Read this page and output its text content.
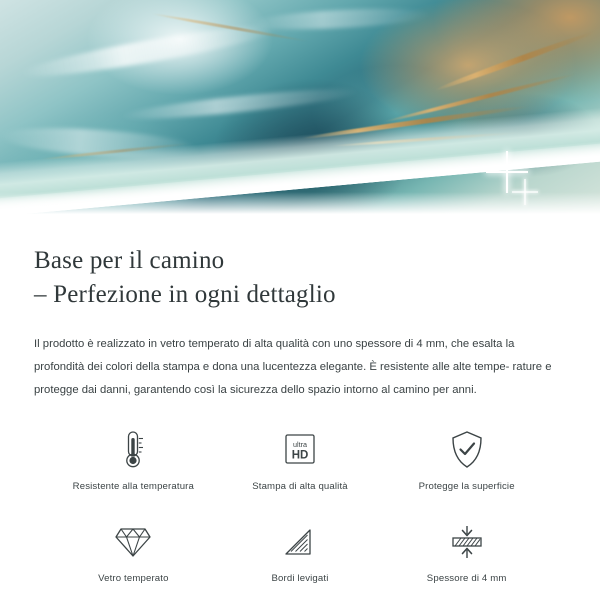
Base per il camino
– Perfezione in ogni dettaglio

Il prodotto è realizzato in vetro temperato di alta qualità con uno spessore di 4 mm, che esalta la profondità dei colori della stampa e dona una lucentezza elegante. È resistente alle alte tempe- rature e protegge dai danni, garantendo così la sicurezza dello spazio intorno al camino per anni.

Resistente alla temperatura
ultra
HD
Stampa di alta qualità	Protegge la superficie
Vetro temperato	Bordi levigati	Spessore di 4 mm
